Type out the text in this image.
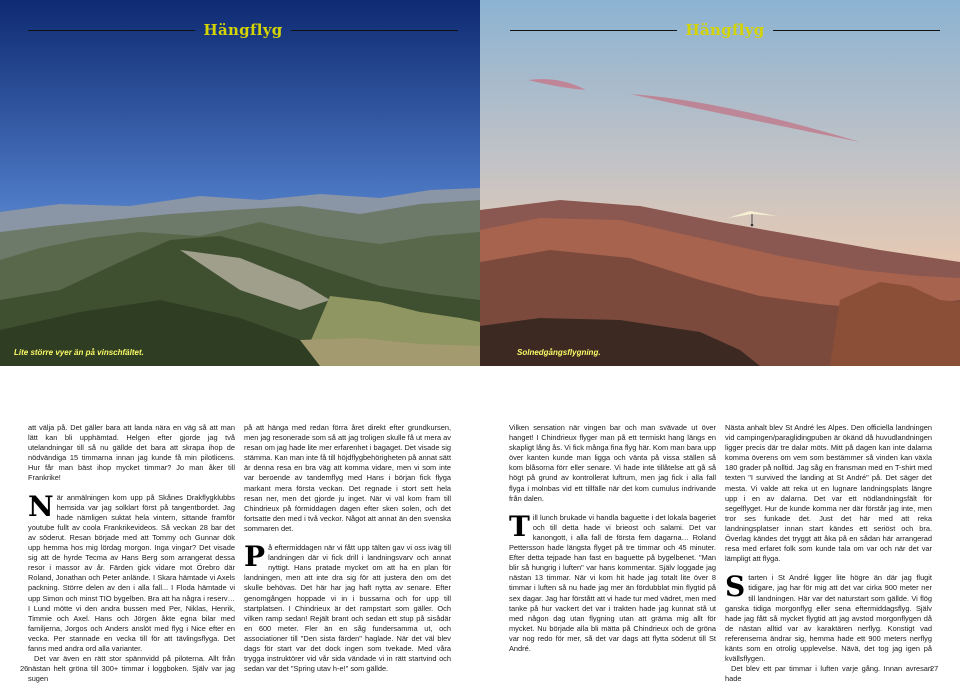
Hängflyg	Hängflyg
Lite större vyer än på vinschfältet.	Solnedgångsflygning.

att välja på. Det gäller bara att landa nära en väg så att man lätt kan bli upphämtad. Helgen efter gjorde jag två utelandningar till så nu gällde det bara att skrapa ihop de nödvändiga 15 timmarna innan jag kunde få min pilotlicens. Hur får man bäst ihop mycket timmar? Jo man åker till Frankrike!

När anmälningen kom upp på Skånes Drakflygklubbs hemsida var jag solklart först på tangentbordet. Jag hade nämligen suktat hela vintern, sittande framför youtube fullt av coola Frankrikevideos. Så veckan 28 bar det av söderut. Resan började med att Tommy och Gunnar dök upp hemma hos mig lördag morgon. Inga vingar? Det visade sig att de hyrde Tecma av Hans Berg som arrangerat dessa resor i massor av år. Färden gick vidare mot Örebro där Roland, Jonathan och Peter anlände. I Skara hämtade vi Axels packning. Större delen av den i alla fall... I Floda hämtade vi upp Simon och minst TIO bygelben. Bra att ha några i reserv… I Lund mötte vi den andra bussen med Per, Niklas, Henrik, Timmie och Axel. Hans och Jörgen åkte egna bilar med familjerna, Jorgos och Anders anslöt med flyg i Nice efter en vecka. Per stannade en vecka till för att tävlingsflyga. Det fanns med andra ord alla varianter.

Det var även en rätt stor spännvidd på piloterna. Allt från nästan helt gröna till 300+ timmar i loggboken. Själv var jag sugen

på att hänga med redan förra året direkt efter grundkursen, men jag resonerade som så att jag troligen skulle få ut mera av resan om jag hade lite mer erfarenhet i bagaget. Det visade sig stämma. Kan man inte få till höjdflygbehörigheten på annat sätt är denna resa en bra väg att komma vidare, men vi som inte var beroende av tandemflyg med Hans i början fick flyga markant mera första veckan. Det regnade i stort sett hela resan ner, men det gjorde ju inget. När vi väl kom fram till Chindrieux på förmiddagen dagen efter sken solen, och det fortsatte den med i två veckor. Något att annat än den svenska sommaren det.

På eftermiddagen när vi fått upp tälten gav vi oss iväg till landningen där vi fick drill i landningsvarv och annat nyttigt. Hans pratade mycket om att ha en plan för landningen, men att inte dra sig för att justera den om det skulle behövas. Det här har jag haft nytta av senare. Efter genomgången hoppade vi in i bussarna och for upp till startplatsen. I Chindrieux är det rampstart som gäller. Och vilken ramp sedan! Rejält brant och sedan ett stup på sisådär en 600 meter. Fler än en såg fundersamma ut, och associationer till "Den sista färden" haglade. När det väl blev dags för start var det dock ingen som tvekade. Med våra trygga instruktörer vid vår sida vändade vi in rätt startvind och sedan var det "Spring utav h-e!" som gällde.

Vilken sensation när vingen bar och man svävade ut över hanget! I Chindrieux flyger man på ett termiskt hang längs en skapligt lång ås. Vi fick många fina flyg här. Kom man bara upp över kanten kunde man ligga och vänta på vissa ställen så kom blåsorna förr eller senare. Vi hade inte tillåtelse att gå så högt på grund av kontrollerat luftrum, men jag fick i alla fall flyga i molnbas vid ett tillfälle när det kom cumulus indrivande från dalen.

Till lunch brukade vi handla baguette i det lokala bageriet och till detta hade vi brieost och salami. Det var kanongott, i alla fall de första fem dagarna… Roland Pettersson hade längsta flyget på tre timmar och 45 minuter. Efter detta tejpade han fast en baguette på bygelbenet. "Man blir så hungrig i luften" var hans kommentar. Själv loggade jag nästan 13 timmar. När vi kom hit hade jag totalt lite över 8 timmar i luften så nu hade jag mer än fördubblat min flygtid på sex dagar. Jag har förstått att vi hade tur med vädret, men med tanke på hur vackert det var i trakten hade jag kunnat stå ut med någon dag utan flygning utan att gräma mig allt för mycket. Nu började alla bli mätta på Chindrieux och de gröna var nog redo för mer, så det var dags att flytta söderut till St André.

Nästa anhalt blev St André les Alpes. Den officiella landningen vid campingen/paraglidingpuben är ökänd då huvudlandningen ligger precis där tre dalar möts. Mitt på dagen kan inte dalarna komma överens om vem som bestämmer så vinden kan växla 180 grader på nolltid. Jag såg en fransman med en T-shirt med texten "I survived the landing at St André" på. Det säger det mesta. Vi valde att reka ut en lugnare landningsplats längre upp i en av dalarna. Det var ett nödlandningsfält för segelflyget. Hur de kunde komma ner där förstår jag inte, men tror ses funkade det. Just det här med att reka landningsplatser innan start kändes ett seriöst och bra. Överlag kändes det tryggt att åka på en sådan här arrangerad resa med erfaret folk som kunde tala om var och när det var lämpligt att flyga.

Starten i St André ligger lite högre än där jag flugit tidigare, jag har för mig att det var cirka 900 meter ner till landningen. Här var det naturstart som gällde. Vi flög ganska tidiga morgonflyg eller sena eftermiddagsflyg. Själv hade jag fått så mycket flygtid att jag avstod morgonflygen då de nästan alltid var av karaktären nerflyg. Konstigt vad referenserna ändrar sig, hemma hade ett 900 meters nerflyg känts som en otrolig upplevelse. Nävä, det tog jag igen på kvällsflygen.

Det blev ett par timmar i luften varje gång. Innan avresan hade

26	27
